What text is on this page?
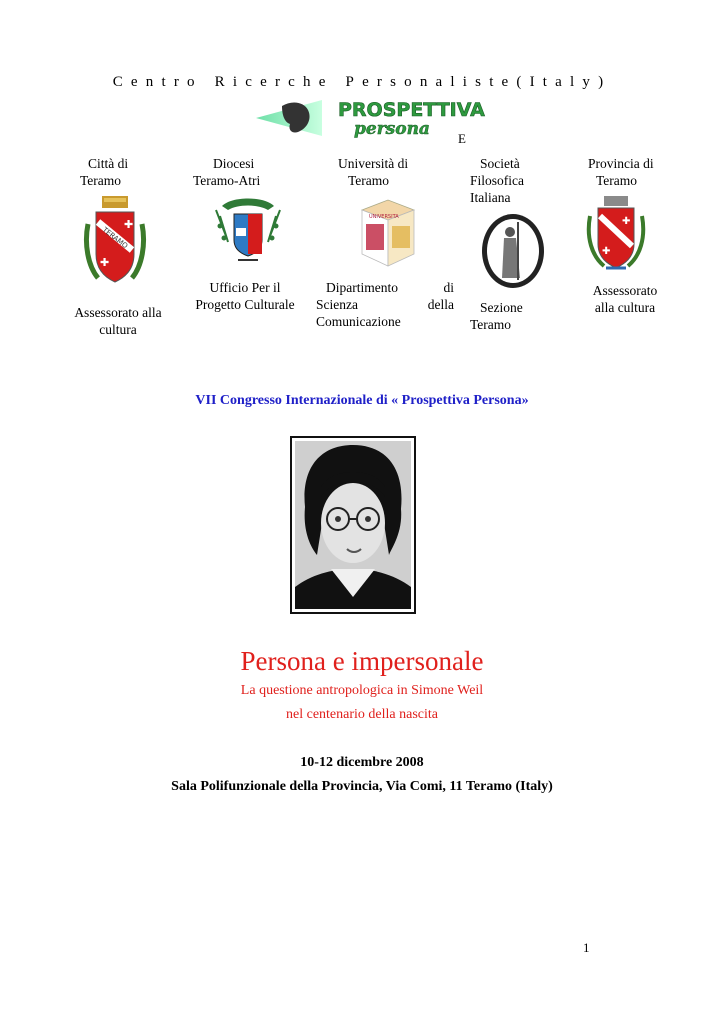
Centro Ricerche Personaliste(Italy)
PROSPETTIVA
persona E
Città di
Teramo
TERAMO
✚
✚
Assessorato alla
cultura
Diocesi
Teramo-Atri
Ufficio Per il
Progetto Culturale
Università di
Teramo
UNIVERSITA
Dipartimento	di
Scienza	della
Comunicazione
Società
Filosofica
Italiana
Sezione
Teramo
Provincia di
Teramo
✚
✚
Assessorato
alla cultura
VII Congresso Internazionale di « Prospettiva Persona»
Persona e impersonale
La questione antropologica in Simone Weil
nel centenario della nascita
10-12 dicembre 2008
Sala Polifunzionale della Provincia, Via Comi, 11 Teramo (Italy)
1
